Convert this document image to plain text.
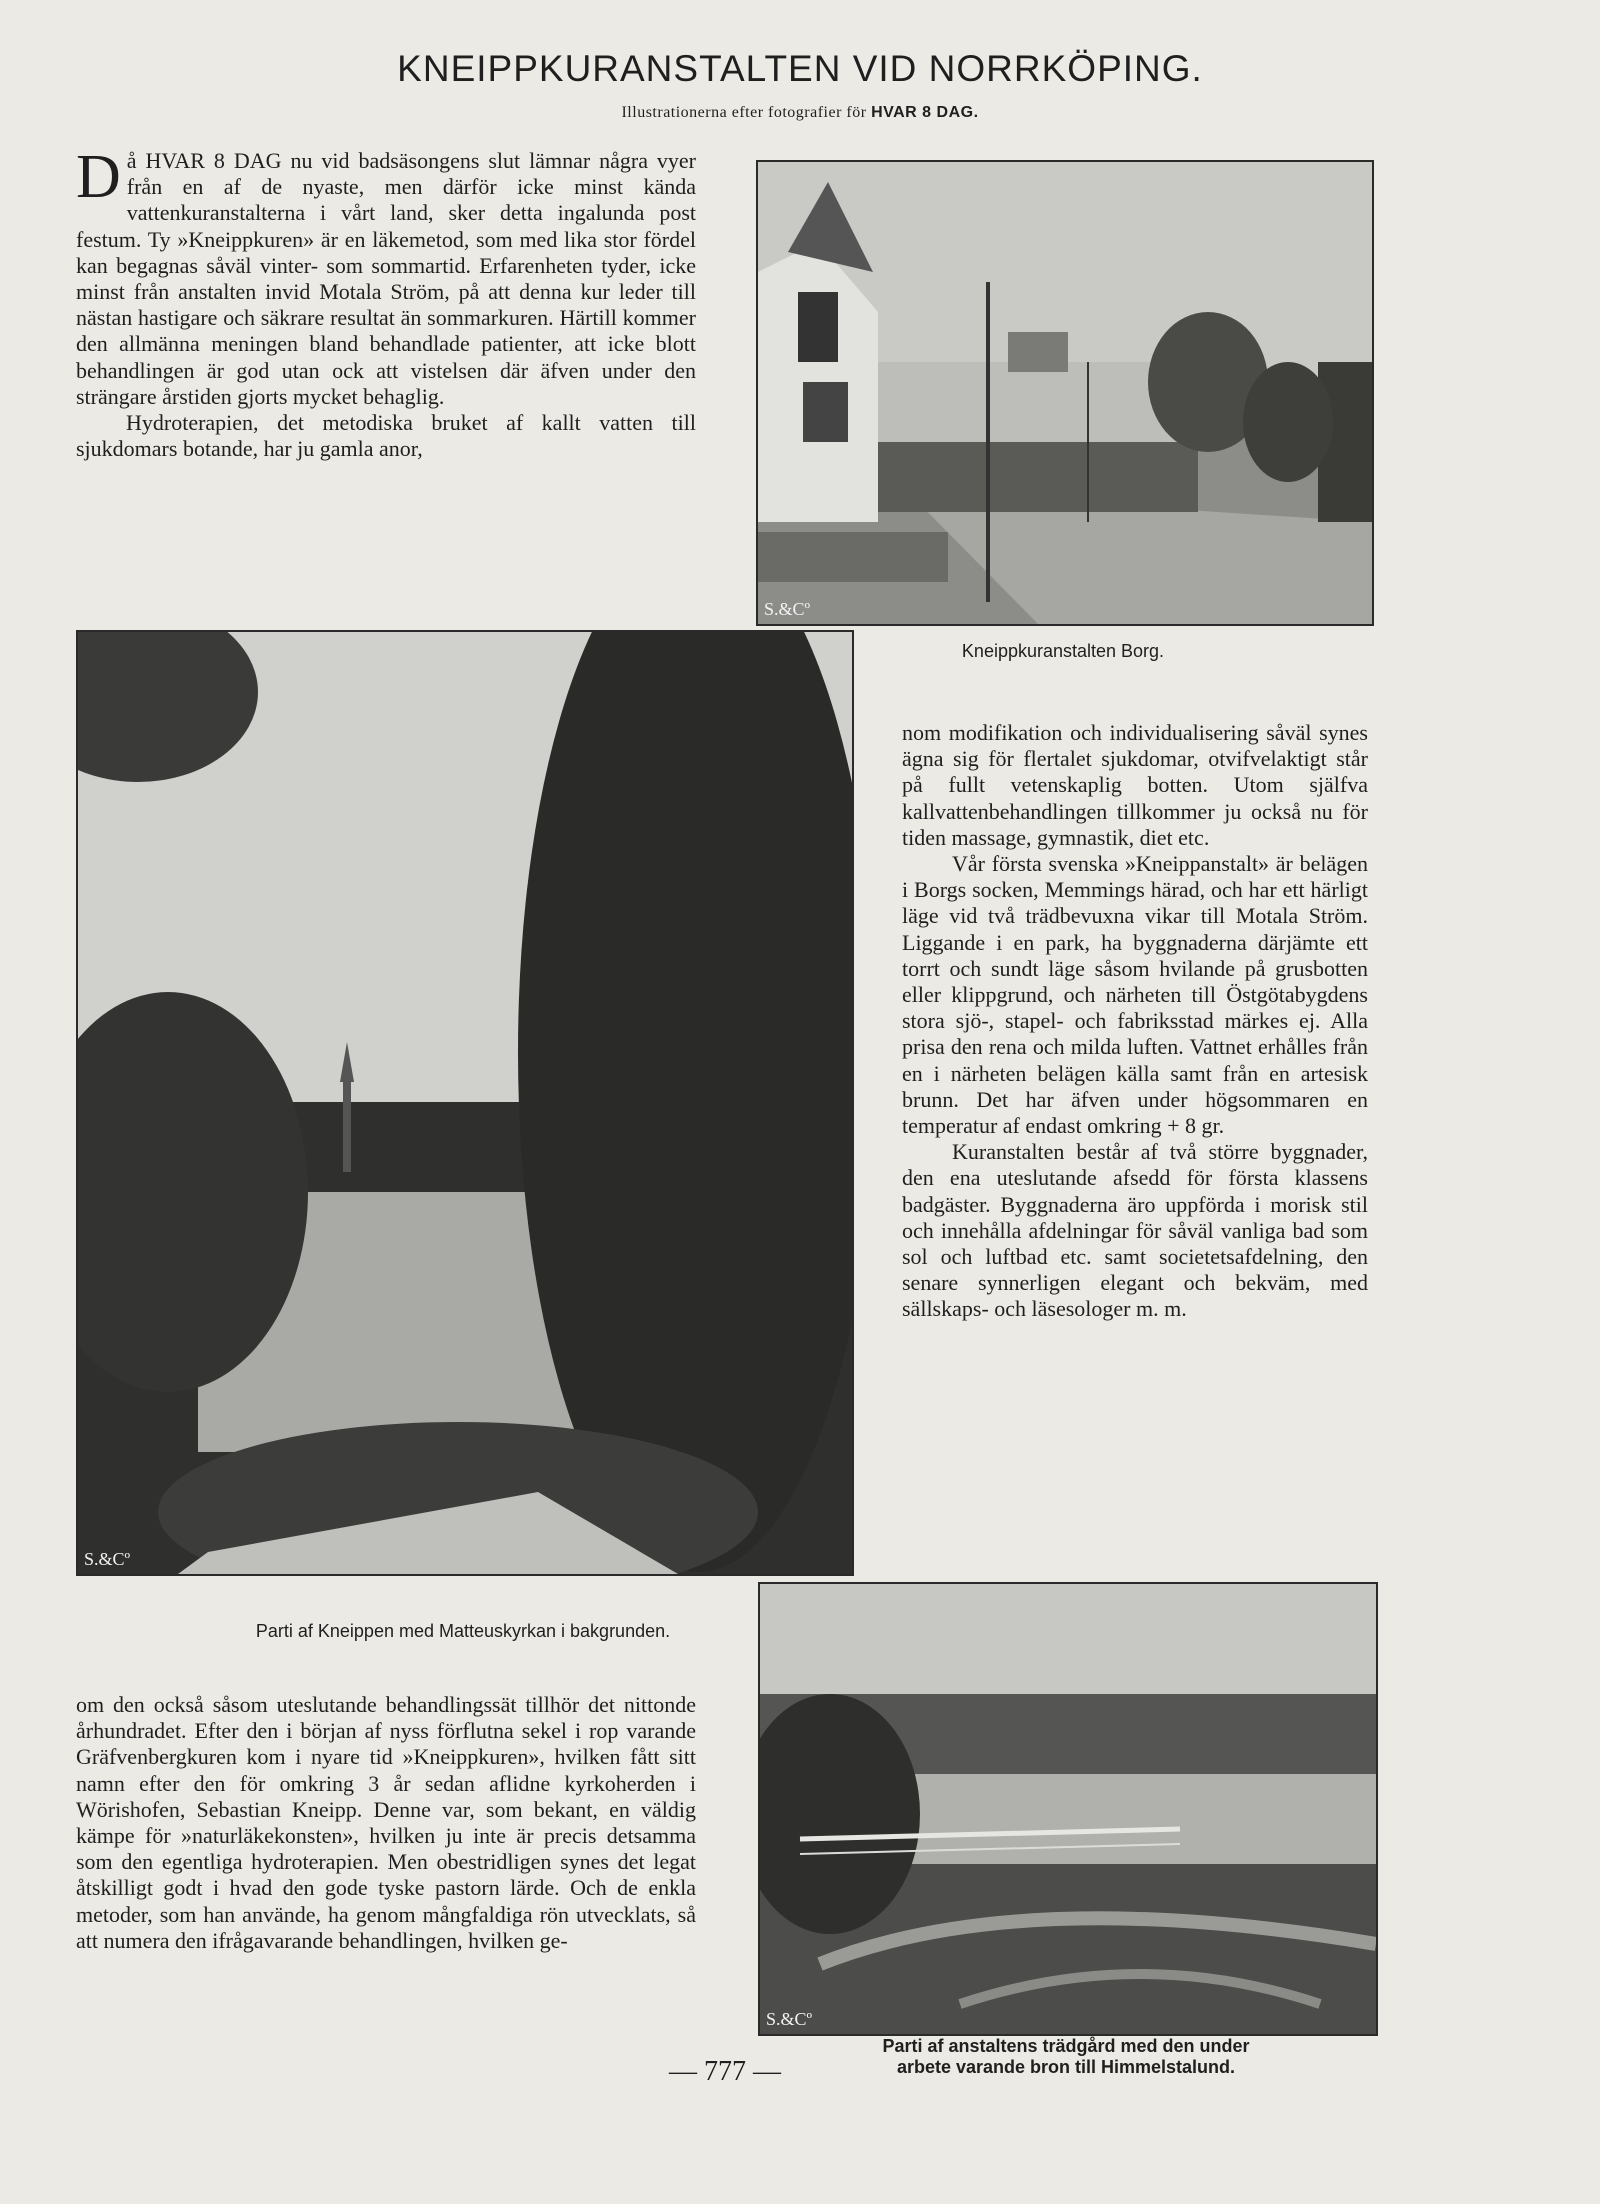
KNEIPPKURANSTALTEN VID NORRKÖPING.
Illustrationerna efter fotografier för HVAR 8 DAG.

Då HVAR 8 DAG nu vid badsäsongens slut lämnar några vyer från en af de nyaste, men därför icke minst kända vattenkuranstalterna i vårt land, sker detta ingalunda post festum. Ty »Kneippkuren» är en läkemetod, som med lika stor fördel kan begagnas såväl vinter- som sommartid. Erfarenheten tyder, icke minst från anstalten invid Motala Ström, på att denna kur leder till nästan hastigare och säkrare resultat än sommarkuren. Härtill kommer den allmänna meningen bland behandlade patienter, att icke blott behandlingen är god utan ock att vistelsen där äfven under den strängare årstiden gjorts mycket behaglig.

Hydroterapien, det metodiska bruket af kallt vatten till sjukdomars botande, har ju gamla anor,

S.&Cº
Kneippkuranstalten Borg.
S.&Cº
Parti af Kneippen med Matteuskyrkan i bakgrunden.

nom modifikation och individualisering såväl synes ägna sig för flertalet sjukdomar, otvifvelaktigt står på fullt vetenskaplig botten. Utom själfva kallvattenbehandlingen tillkommer ju också nu för tiden massage, gymnastik, diet etc.

Vår första svenska »Kneippanstalt» är belägen i Borgs socken, Memmings härad, och har ett härligt läge vid två trädbevuxna vikar till Motala Ström. Liggande i en park, ha byggnaderna därjämte ett torrt och sundt läge såsom hvilande på grusbotten eller klippgrund, och närheten till Östgötabygdens stora sjö-, stapel- och fabriksstad märkes ej. Alla prisa den rena och milda luften. Vattnet erhålles från en i närheten belägen källa samt från en artesisk brunn. Det har äfven under högsommaren en temperatur af endast omkring + 8 gr.

Kuranstalten består af två större byggnader, den ena uteslutande afsedd för första klassens badgäster. Byggnaderna äro uppförda i morisk stil och innehålla afdelningar för såväl vanliga bad som sol och luftbad etc. samt societetsafdelning, den senare synnerligen elegant och bekväm, med sällskaps- och läsesologer m. m.

om den också såsom uteslutande behandlingssät tillhör det nittonde århundradet. Efter den i början af nyss förflutna sekel i rop varande Gräfvenbergkuren kom i nyare tid »Kneippkuren», hvilken fått sitt namn efter den för omkring 3 år sedan aflidne kyrkoherden i Wörishofen, Sebastian Kneipp. Denne var, som bekant, en väldig kämpe för »naturläkekonsten», hvilken ju inte är precis detsamma som den egentliga hydroterapien. Men obestridligen synes det legat åtskilligt godt i hvad den gode tyske pastorn lärde. Och de enkla metoder, som han använde, ha genom mångfaldiga rön utvecklats, så att numera den ifrågavarande behandlingen, hvilken ge-

S.&Cº
Parti af anstaltens trädgård med den under
arbete varande bron till Himmelstalund.
— 777 —
